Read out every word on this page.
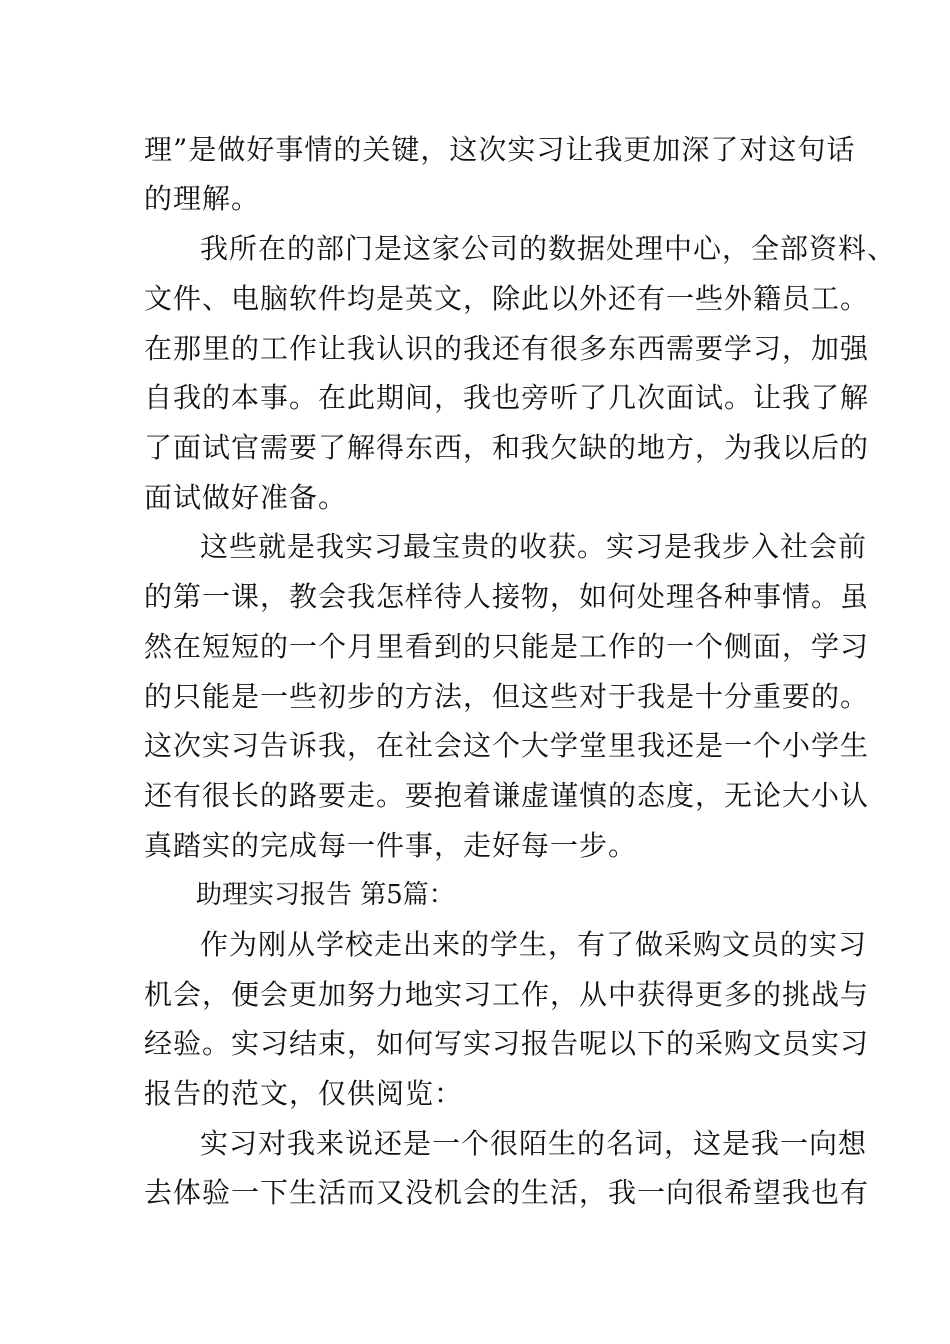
理”是做好事情的关键，这次实习让我更加深了对这句话
的理解。
我所在的部门是这家公司的数据处理中心，全部资料、
文件、电脑软件均是英文，除此以外还有一些外籍员工。
在那里的工作让我认识的我还有很多东西需要学习，加强
自我的本事。在此期间，我也旁听了几次面试。让我了解
了面试官需要了解得东西，和我欠缺的地方，为我以后的
面试做好准备。
这些就是我实习最宝贵的收获。实习是我步入社会前
的第一课，教会我怎样待人接物，如何处理各种事情。虽
然在短短的一个月里看到的只能是工作的一个侧面，学习
的只能是一些初步的方法，但这些对于我是十分重要的。
这次实习告诉我，在社会这个大学堂里我还是一个小学生
还有很长的路要走。要抱着谦虚谨慎的态度，无论大小认
真踏实的完成每一件事，走好每一步。
助理实习报告 第5篇：
作为刚从学校走出来的学生，有了做采购文员的实习
机会，便会更加努力地实习工作，从中获得更多的挑战与
经验。实习结束，如何写实习报告呢以下的采购文员实习
报告的范文，仅供阅览：
实习对我来说还是一个很陌生的名词，这是我一向想
去体验一下生活而又没机会的生活，我一向很希望我也有
